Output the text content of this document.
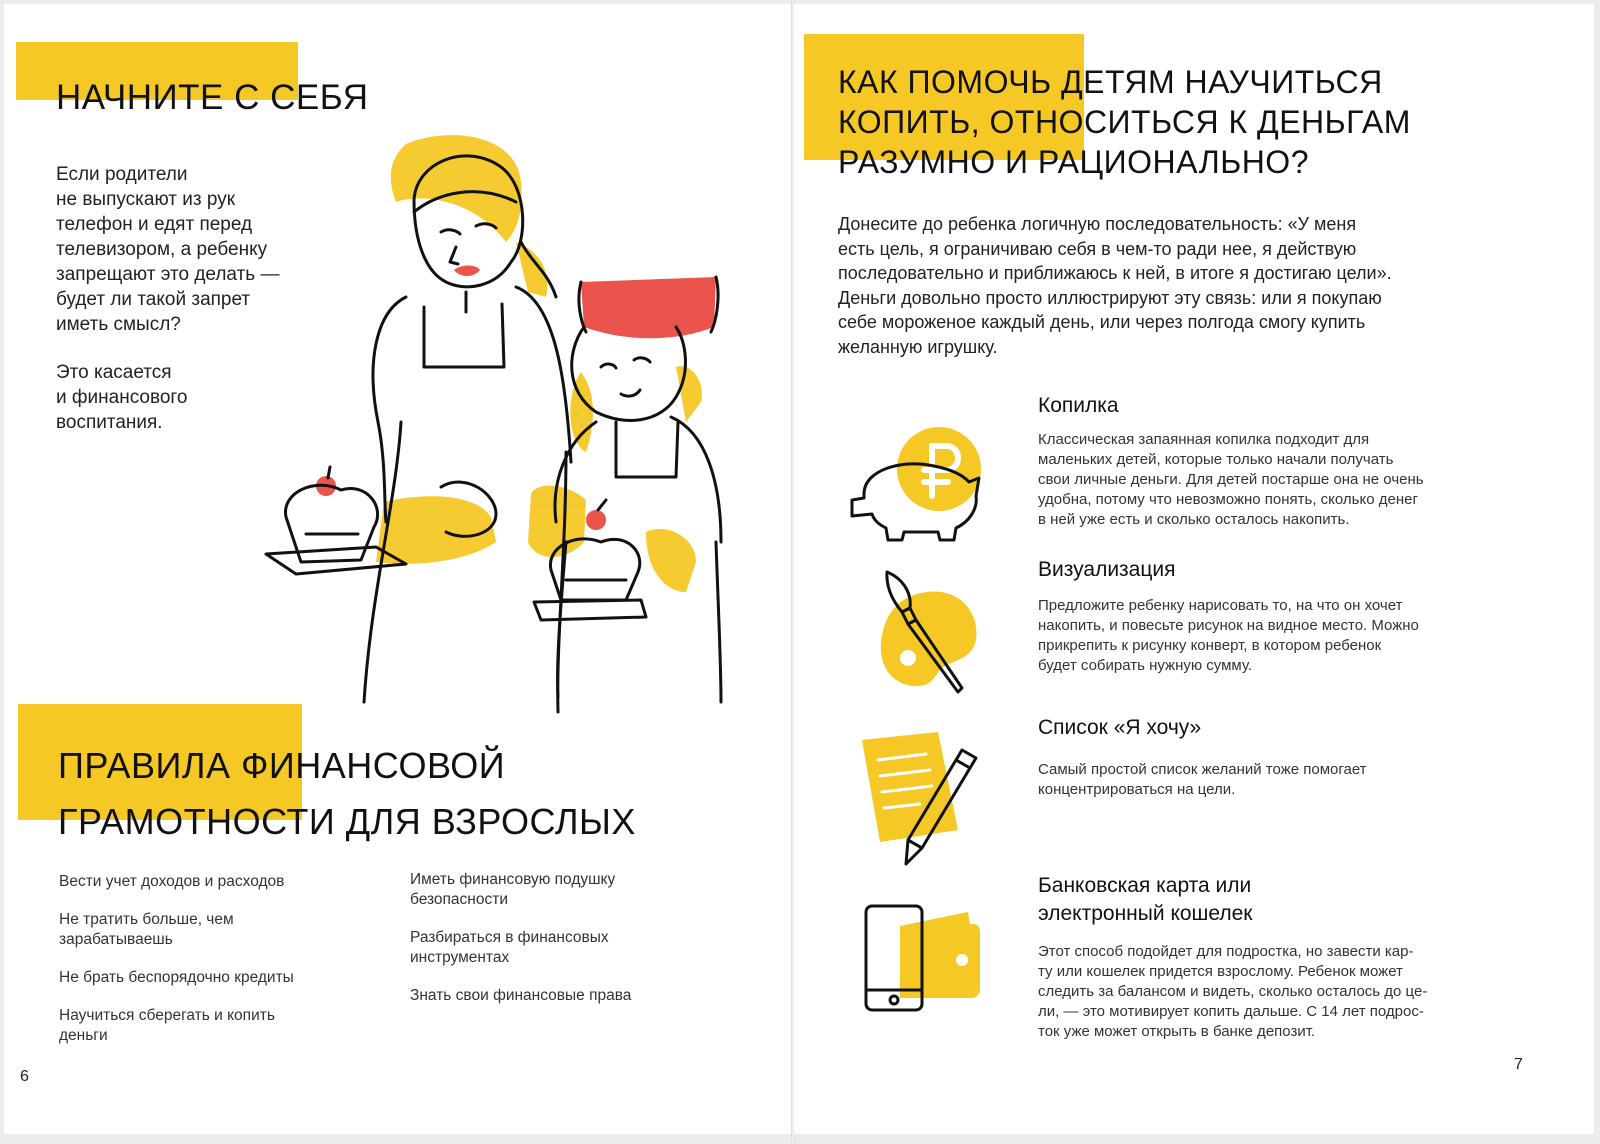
НАЧНИТЕ С СЕБЯ
Если родители
не выпускают из рук
телефон и едят перед
телевизором, а ребенку
запрещают это делать —
будет ли такой запрет
иметь смысл?
Это касается
и финансового
воспитания.
ПРАВИЛА ФИНАНСОВОЙ
ГРАМОТНОСТИ ДЛЯ ВЗРОСЛЫХ
Вести учет доходов и расходов
Не тратить больше, чем
зарабатываешь
Не брать беспорядочно кредиты
Научиться сберегать и копить
деньги
Иметь финансовую подушку
безопасности
Разбираться в финансовых
инструментах
Знать свои финансовые права
6
КАК ПОМОЧЬ ДЕТЯМ НАУЧИТЬСЯ
КОПИТЬ, ОТНОСИТЬСЯ К ДЕНЬГАМ
РАЗУМНО И РАЦИОНАЛЬНО?
Донесите до ребенка логичную последовательность: «У меня
есть цель, я ограничиваю себя в чем-то ради нее, я действую
последовательно и приближаюсь к ней, в итоге я достигаю цели».
Деньги довольно просто иллюстрируют эту связь: или я покупаю
себе мороженое каждый день, или через полгода смогу купить
желанную игрушку.
Копилка
Классическая запаянная копилка подходит для
маленьких детей, которые только начали получать
свои личные деньги. Для детей постарше она не очень
удобна, потому что невозможно понять, сколько денег
в ней уже есть и сколько осталось накопить.
Визуализация
Предложите ребенку нарисовать то, на что он хочет
накопить, и повесьте рисунок на видное место. Можно
прикрепить к рисунку конверт, в котором ребенок
будет собирать нужную сумму.
Список «Я хочу»
Самый простой список желаний тоже помогает
концентрироваться на цели.
Банковская карта или
электронный кошелек
Этот способ подойдет для подростка, но завести кар-
ту или кошелек придется взрослому. Ребенок может
следить за балансом и видеть, сколько осталось до це-
ли, — это мотивирует копить дальше. С 14 лет подрос-
ток уже может открыть в банке депозит.
7
